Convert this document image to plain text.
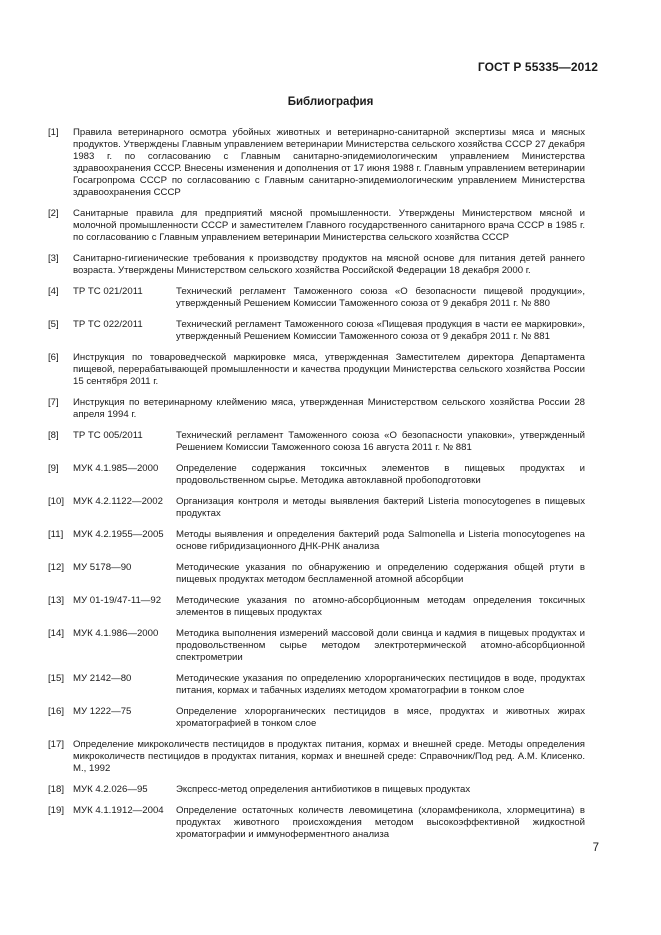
ГОСТ Р 55335—2012
Библиография
[1]	Правила ветеринарного осмотра убойных животных и ветеринарно-санитарной экспертизы мяса и мясных продуктов. Утверждены Главным управлением ветеринарии Министерства сельского хозяйства СССР 27 декабря 1983 г. по согласованию с Главным санитарно-эпидемиологическим управлением Министерства здравоохранения СССР. Внесены изменения и дополнения от 17 июня 1988 г. Главным управлением ветеринарии Госагропрома СССР по согласованию с Главным санитарно-эпидемиологическим управлением Министерства здравоохранения СССР
[2]	Санитарные правила для предприятий мясной промышленности. Утверждены Министерством мясной и молочной промышленности СССР и заместителем Главного государственного санитарного врача СССР в 1985 г. по согласованию с Главным управлением ветеринарии Министерства сельского хозяйства СССР
[3]	Санитарно-гигиенические требования к производству продуктов на мясной основе для питания детей раннего возраста. Утверждены Министерством сельского хозяйства Российской Федерации 18 декабря 2000 г.
[4]	ТР ТС 021/2011	Технический регламент Таможенного союза «О безопасности пищевой продукции», утвержденный Решением Комиссии Таможенного союза от 9 декабря 2011 г. № 880
[5]	ТР ТС 022/2011	Технический регламент Таможенного союза «Пищевая продукция в части ее маркировки», утвержденный Решением Комиссии Таможенного союза от 9 декабря 2011 г. № 881
[6]	Инструкция по товароведческой маркировке мяса, утвержденная Заместителем директора Департамента пищевой, перерабатывающей промышленности и качества продукции Министерства сельского хозяйства России 15 сентября 2011 г.
[7]	Инструкция по ветеринарному клеймению мяса, утвержденная Министерством сельского хозяйства России 28 апреля 1994 г.
[8]	ТР ТС 005/2011	Технический регламент Таможенного союза «О безопасности упаковки», утвержденный Решением Комиссии Таможенного союза 16 августа 2011 г. № 881
[9]	МУК 4.1.985—2000	Определение содержания токсичных элементов в пищевых продуктах и продовольственном сырье. Методика автоклавной пробоподготовки
[10] МУК 4.2.1122—2002	Организация контроля и методы выявления бактерий Listeria monocytogenes в пищевых продуктах
[11]	МУК 4.2.1955—2005	Методы выявления и определения бактерий рода Salmonella и Listeria monocytogenes на основе гибридизационного ДНК-РНК анализа
[12] МУ 5178—90	Методические указания по обнаружению и определению содержания общей ртути в пищевых продуктах методом беспламенной атомной абсорбции
[13] МУ 01-19/47-11—92	Методические указания по атомно-абсорбционным методам определения токсичных элементов в пищевых продуктах
[14] МУК 4.1.986—2000	Методика выполнения измерений массовой доли свинца и кадмия в пищевых продуктах и продовольственном сырье методом электротермической атомно-абсорбционной спектрометрии
[15] МУ 2142—80	Методические указания по определению хлорорганических пестицидов в воде, продуктах питания, кормах и табачных изделиях методом хроматографии в тонком слое
[16] МУ 1222—75	Определение хлорорганических пестицидов в мясе, продуктах и животных жирах хроматографией в тонком слое
[17] Определение микроколичеств пестицидов в продуктах питания, кормах и внешней среде. Методы определения микроколичеств пестицидов в продуктах питания, кормах и внешней среде: Справочник/Под ред. А.М. Клисенко. М., 1992
[18] МУК 4.2.026—95	Экспресс-метод определения антибиотиков в пищевых продуктах
[19] МУК 4.1.1912—2004	Определение остаточных количеств левомицетина (хлорамфеникола, хлормецитина) в продуктах животного происхождения методом высокоэффективной жидкостной хроматографии и иммуноферментного анализа
7
